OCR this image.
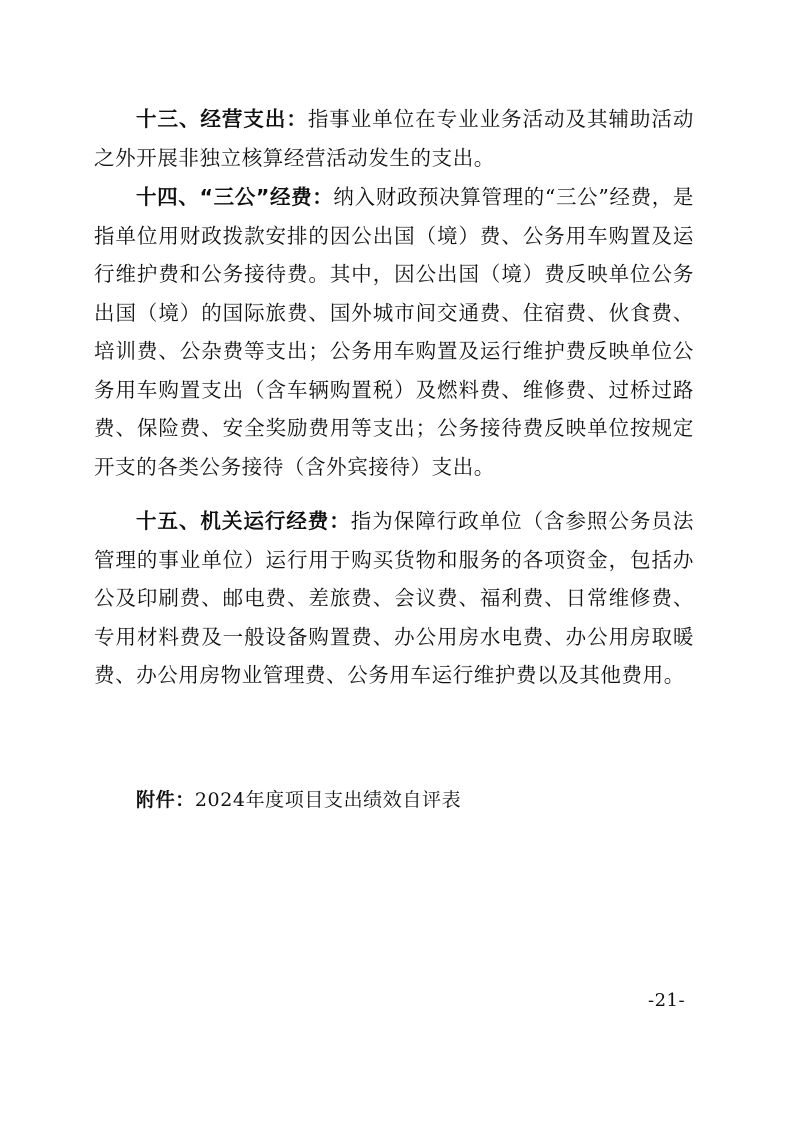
十三、经营支出：指事业单位在专业业务活动及其辅助活动之外开展非独立核算经营活动发生的支出。

十四、“三公”经费：纳入财政预决算管理的“三公”经费，是指单位用财政拨款安排的因公出国（境）费、公务用车购置及运行维护费和公务接待费。其中，因公出国（境）费反映单位公务出国（境）的国际旅费、国外城市间交通费、住宿费、伙食费、培训费、公杂费等支出；公务用车购置及运行维护费反映单位公务用车购置支出（含车辆购置税）及燃料费、维修费、过桥过路费、保险费、安全奖励费用等支出；公务接待费反映单位按规定开支的各类公务接待（含外宾接待）支出。

十五、机关运行经费：指为保障行政单位（含参照公务员法管理的事业单位）运行用于购买货物和服务的各项资金，包括办公及印刷费、邮电费、差旅费、会议费、福利费、日常维修费、专用材料费及一般设备购置费、办公用房水电费、办公用房取暖费、办公用房物业管理费、公务用车运行维护费以及其他费用。

附件：2024年度项目支出绩效自评表
-21-
